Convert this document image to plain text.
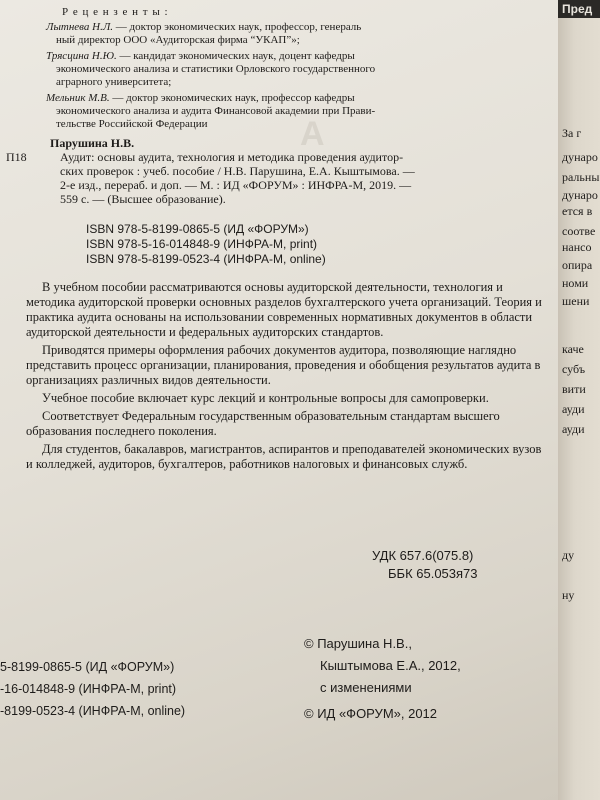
A
Р е ц е н з е н т ы :
Лытнева Н.Л. — доктор экономических наук, профессор, генераль
ный директор ООО «Аудиторская фирма “УКАП”»;
Трясцина Н.Ю. — кандидат экономических наук, доцент кафедры
экономического анализа и статистики Орловского государственного
аграрного университета;
Мельник М.В. — доктор экономических наук, профессор кафедры
экономического анализа и аудита Финансовой академии при Прави-
тельстве Российской Федерации
Парушина Н.В.
П18	Аудит: основы аудита, технология и методика проведения аудитор-
ских проверок : учеб. пособие / Н.В. Парушина, Е.А. Кыштымова. —
2-е изд., перераб. и доп. — М. : ИД «ФОРУМ» : ИНФРА-М, 2019. —
559 с. — (Высшее образование).
ISBN 978-5-8199-0865-5 (ИД «ФОРУМ»)
ISBN 978-5-16-014848-9 (ИНФРА-М, print)
ISBN 978-5-8199-0523-4 (ИНФРА-М, online)

В учебном пособии рассматриваются основы аудиторской деятельности, технология и методика аудиторской проверки основных разделов бухгалтерского учета организаций. Теория и практика аудита основаны на использовании современных нормативных документов в области аудиторской деятельности и федеральных аудиторских стандартов.

Приводятся примеры оформления рабочих документов аудитора, позволяющие наглядно представить процесс организации, планирования, проведения и обобщения результатов аудита в организациях различных видов деятельности.

Учебное пособие включает курс лекций и контрольные вопросы для самопроверки.

Соответствует Федеральным государственным образовательным стандартам высшего образования последнего поколения.

Для студентов, бакалавров, магистрантов, аспирантов и преподавателей экономических вузов и колледжей, аудиторов, бухгалтеров, работников налоговых и финансовых служб.

УДК 657.6(075.8)
ББК 65.053я73
© Парушина Н.В.,
Кыштымова Е.А., 2012,
с изменениями
© ИД «ФОРУМ», 2012
5-8199-0865-5 (ИД «ФОРУМ»)
-16-014848-9 (ИНФРА-М, print)
-8199-0523-4 (ИНФРА-М, online)
Пред
За г
дунаро
ральны
дунаро
ется в
соотве
нансо
опира
номи
шени
каче
субъ
вити
ауди
ауди
ду
ну
